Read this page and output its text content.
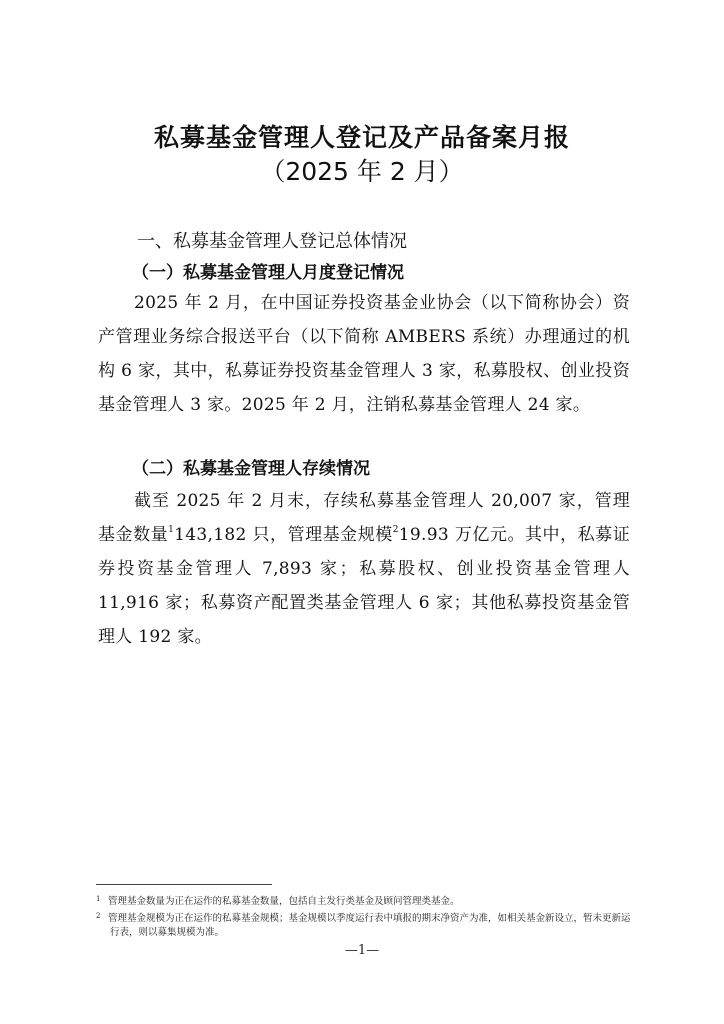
私募基金管理人登记及产品备案月报
（2025 年 2 月）
一、私募基金管理人登记总体情况
（一）私募基金管理人月度登记情况
2025 年 2 月，在中国证券投资基金业协会（以下简称协会）资产管理业务综合报送平台（以下简称 AMBERS 系统）办理通过的机构 6 家，其中，私募证券投资基金管理人 3 家，私募股权、创业投资基金管理人 3 家。2025 年 2 月，注销私募基金管理人 24 家。
（二）私募基金管理人存续情况
截至 2025 年 2 月末，存续私募基金管理人 20,007 家，管理基金数量$^1$143,182 只，管理基金规模$^2$19.93 万亿元。其中，私募证券投资基金管理人 7,893 家；私募股权、创业投资基金管理人 11,916 家；私募资产配置类基金管理人 6 家；其他私募投资基金管理人 192 家。
1 管理基金数量为正在运作的私募基金数量，包括自主发行类基金及顾问管理类基金。
2 管理基金规模为正在运作的私募基金规模；基金规模以季度运行表中填报的期末净资产为准，如相关基金新设立，暂未更新运行表，则以募集规模为准。
—1—
